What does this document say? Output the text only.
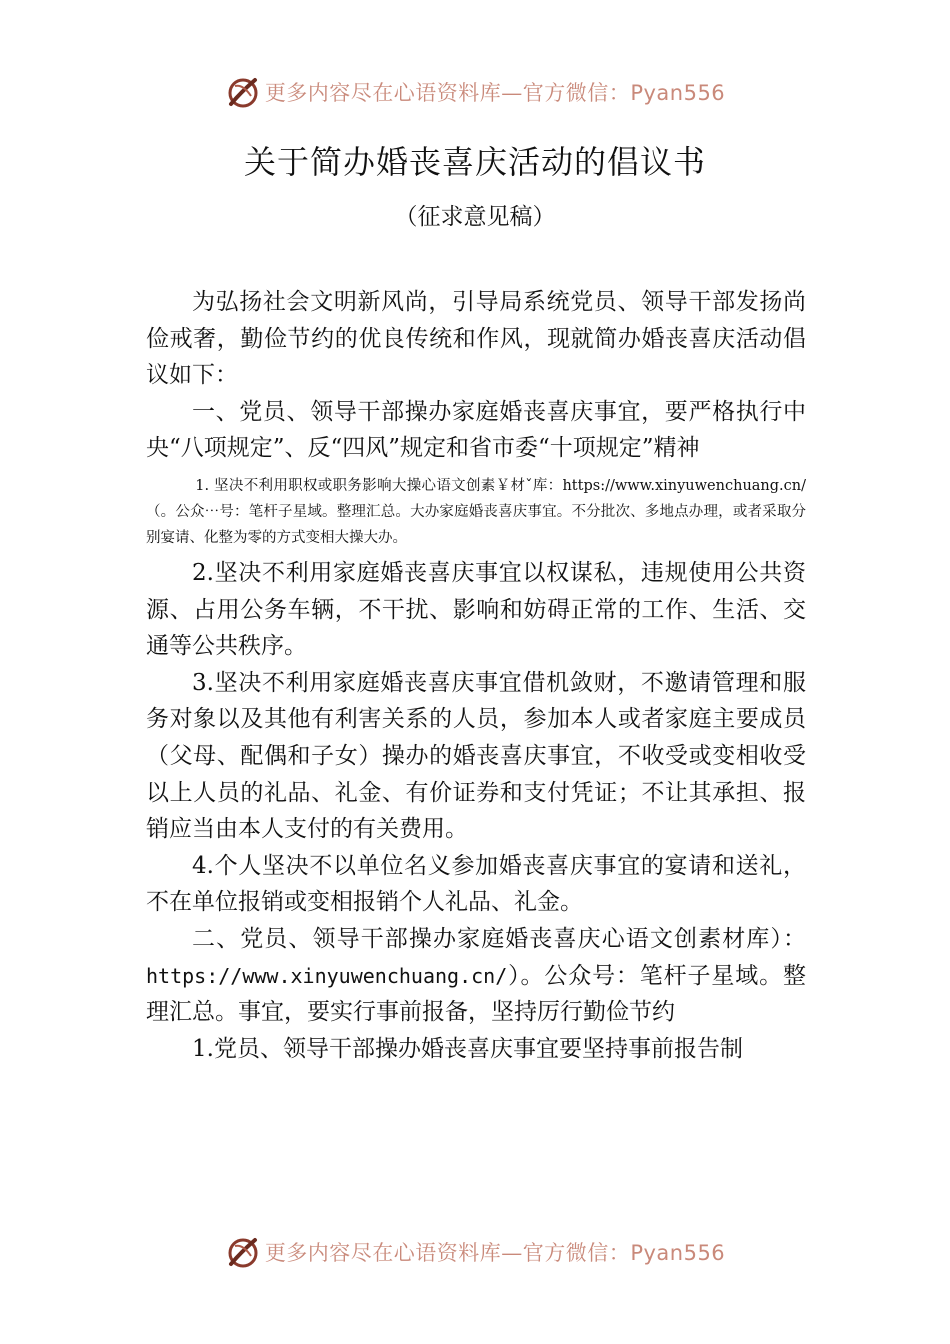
更多内容尽在心语资料库—官方微信：Pyan556
关于简办婚丧喜庆活动的倡议书
（征求意见稿）

为弘扬社会文明新风尚，引导局系统党员、领导干部发扬尚俭戒奢，勤俭节约的优良传统和作风，现就简办婚丧喜庆活动倡议如下：

一、党员、领导干部操办家庭婚丧喜庆事宜，要严格执行中央“八项规定”、反“四风”规定和省市委“十项规定”精神

1. 坚决不利用职权或职务影响大操心语文创素￥材ˇ库：https://www.xinyuwenchuang.cn/（。公众⋯号：笔杆子星域。整理汇总。大办家庭婚丧喜庆事宜。不分批次、多地点办理，或者采取分别宴请、化整为零的方式变相大操大办。

2.坚决不利用家庭婚丧喜庆事宜以权谋私，违规使用公共资源、占用公务车辆，不干扰、影响和妨碍正常的工作、生活、交通等公共秩序。

3.坚决不利用家庭婚丧喜庆事宜借机敛财，不邀请管理和服务对象以及其他有利害关系的人员，参加本人或者家庭主要成员（父母、配偶和子女）操办的婚丧喜庆事宜，不收受或变相收受以上人员的礼品、礼金、有价证券和支付凭证；不让其承担、报销应当由本人支付的有关费用。

4.个人坚决不以单位名义参加婚丧喜庆事宜的宴请和送礼，不在单位报销或变相报销个人礼品、礼金。

二、党员、领导干部操办家庭婚丧喜庆心语文创素材库）：https://www.xinyuwenchuang.cn/）。公众号：笔杆子星域。整理汇总。事宜，要实行事前报备，坚持厉行勤俭节约

1.党员、领导干部操办婚丧喜庆事宜要坚持事前报告制

更多内容尽在心语资料库—官方微信：Pyan556
